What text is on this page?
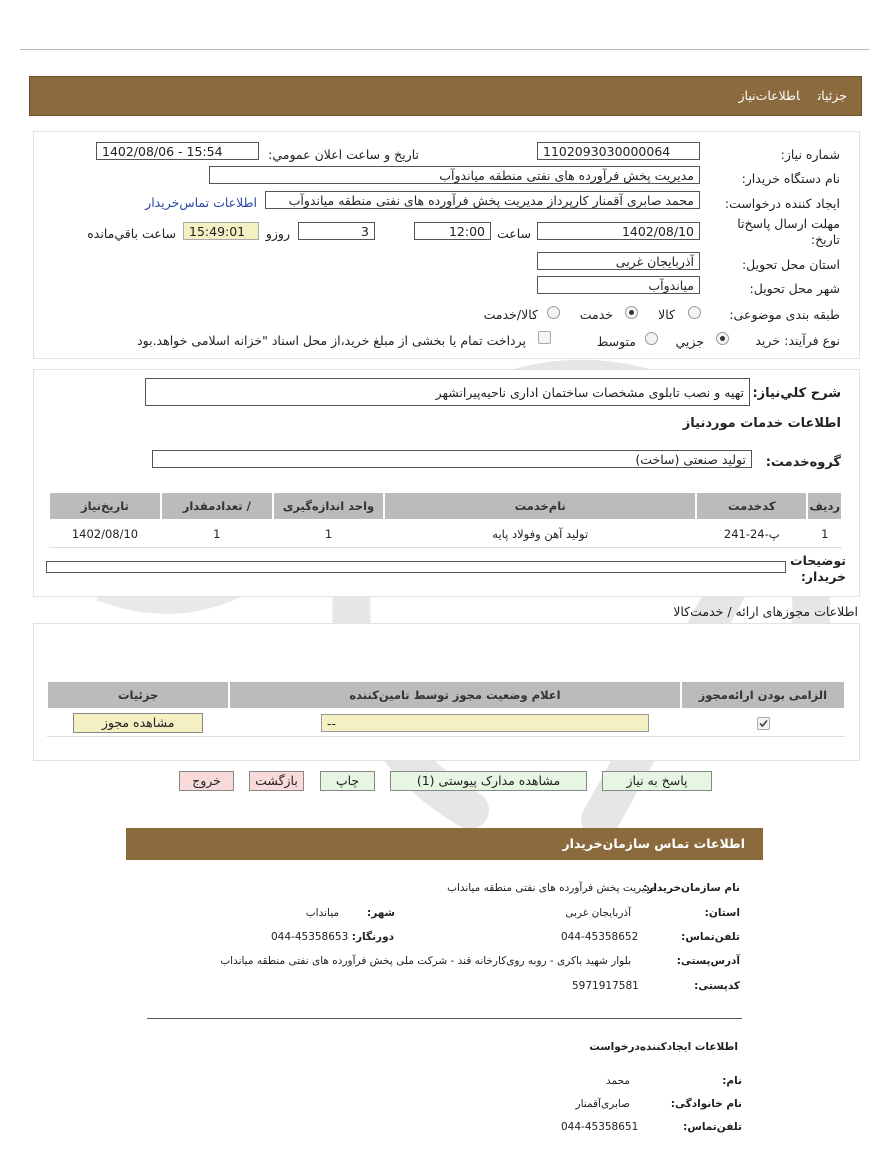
جزئیاتاطلاعات‌نیاز
شماره نیاز:
1102093030000064
تاریخ و ساعت اعلان عمومي:
1402/08/06 - 15:54
نام دستگاه خريدار:
مدیریت پخش فرآورده های نفتی منطقه میاندوآب
ایجاد کننده درخواست:
محمد صابری آقمنار کارپرداز مدیریت پخش فرآورده های نفتی منطقه میاندوآب
اطلاعات تماس‌خريدار
مهلت ارسال پاسخ‌تا
تاریخ:
1402/08/10
ساعت
12:00
3
روزو
15:49:01
ساعت باقي‌مانده
استان محل تحويل:
آذربایجان غربی
شهر محل تحويل:
میاندوآب
طبقه بندی موضوعی:
کالا
خدمت
کالا/خدمت
نوع فرآيند:
خريد
جزيي
متوسط
پرداخت تمام يا بخشی از مبلغ خريد،از محل اسناد "خزانه اسلامی خواهد.بود
شرح کلي‌نياز:
تهیه و نصب تابلوی مشخصات ساختمان اداری ناحیه‌پیرانشهر
اطلاعات خدمات موردنياز
گروه‌خدمت:
تولید صنعتی (ساخت)
رديف	کدخدمت	نام‌خدمت	واحد اندازه‌گيری	/ تعدادمقدار	تاريخ‌نياز
1	پ-24-241	تولید آهن وفولاد پایه	1	1	1402/08/10
توضيحات خريدار:
اطلاعات مجوزهای ارائه / خدمت‌کالا
الزامی بودن ارائه‌مجوز	اعلام وضعيت مجوز توسط تامين‌کننده	جزئيات

	--	مشاهده مجوز
پاسخ به نياز
مشاهده مدارک پيوستی (1)
چاپ
بازگشت
خروج
اطلاعات تماس سازمان‌خريدار
نام سازمان‌خريدار:
مديريت پخش فرآورده های نفتی منطقه ميانداب
استان:
آذربايجان غربی
شهر:
ميانداب
تلفن‌تماس:
044-45358652
دورنگار:
044-45358653
آدرس‌پستی:
بلوار شهيد باکری - روبه روی‌کارخانه قند - شرکت ملی پخش فرآورده های نفتی منطقه ميانداب
کدپستی:
5971917581
اطلاعات ایجادکننده‌درخواست
نام:
محمد
نام خانوادگی:
صابری‌آقمنار
تلفن‌تماس:
044-45358651
